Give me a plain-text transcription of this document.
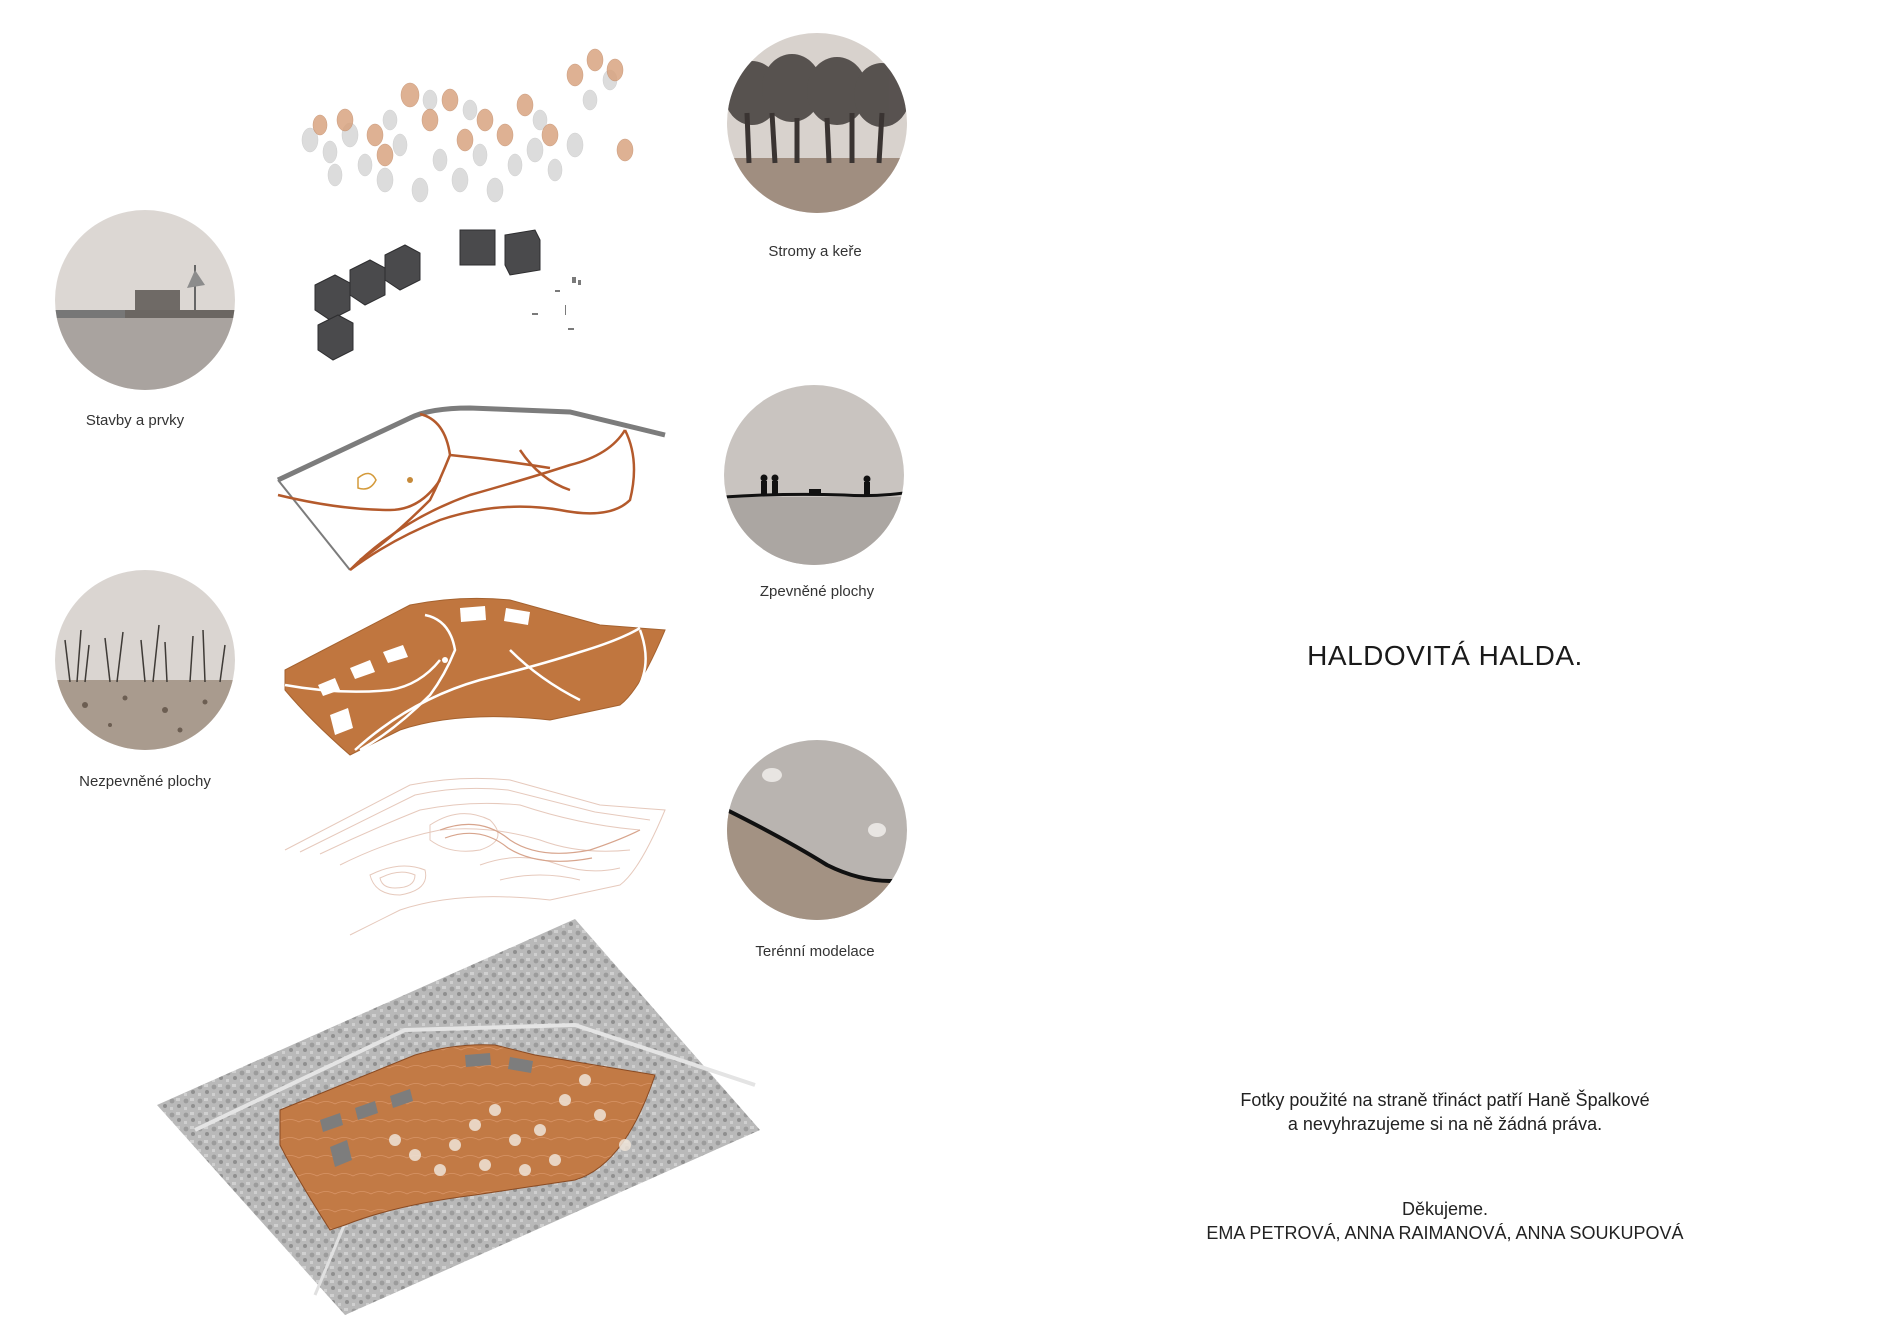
Stromy a keře
Stavby a prvky
Zpevněné plochy
Nezpevněné plochy
Terénní modelace
HALDOVITÁ HALDA.
Fotky použité na straně třináct patří Haně Špalkové
a nevyhrazujeme si na ně žádná práva.
Děkujeme.
EMA PETROVÁ, ANNA RAIMANOVÁ, ANNA SOUKUPOVÁ
